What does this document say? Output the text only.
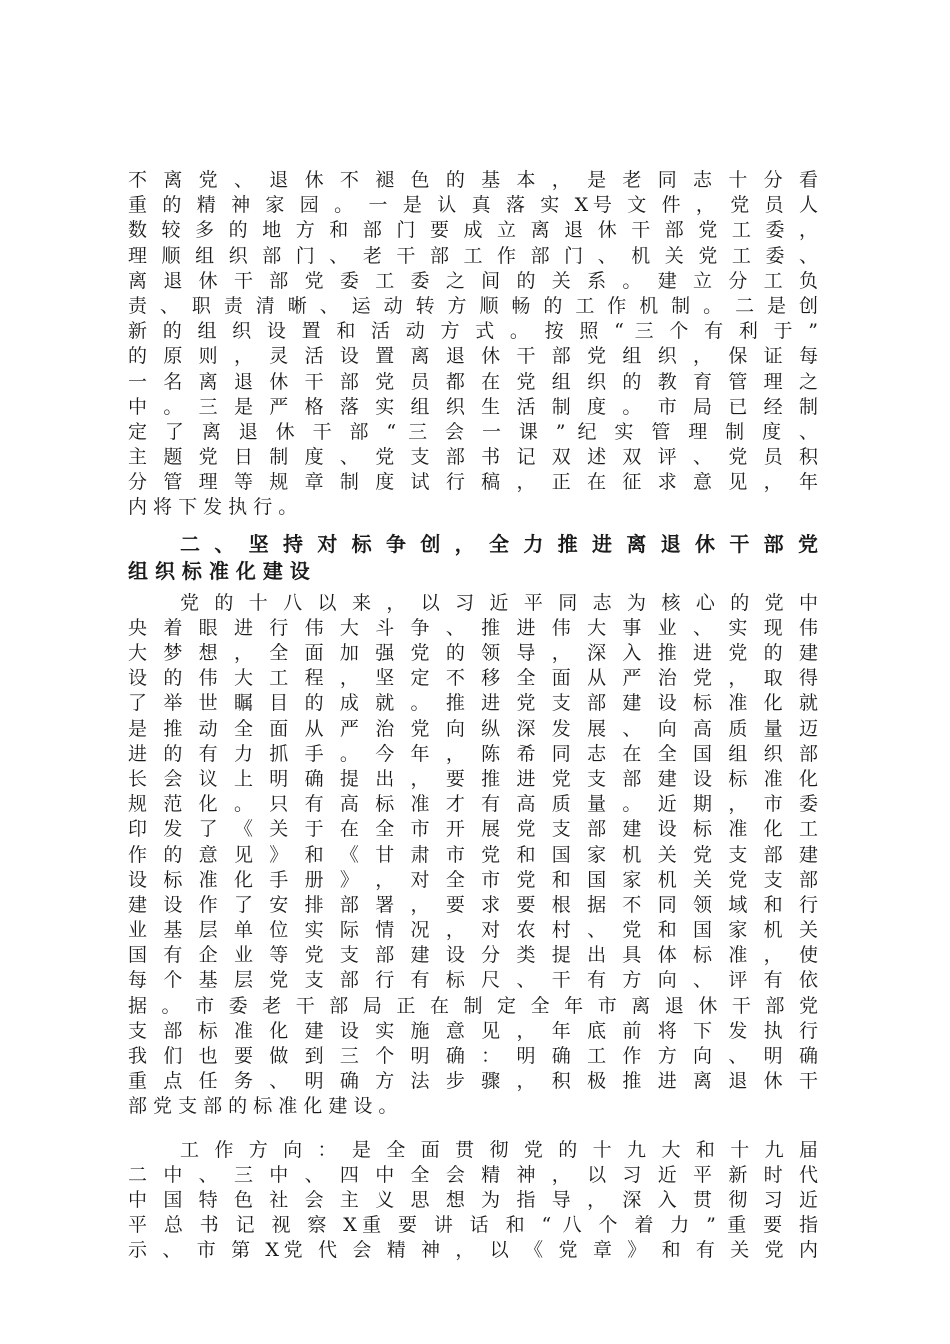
不 离 党 、 退 休 不 褪 色 的 基 本 ， 是 老 同 志 十 分 看
重 的 精 神 家 园 。 一 是 认 真 落 实 X号 文 件 ， 党 员 人
数 较 多 的 地 方 和 部 门 要 成 立 离 退 休 干 部 党 工 委 ，
理 顺 组 织 部 门 、 老 干 部 工 作 部 门 、 机 关 党 工 委 、
离 退 休 干 部 党 委 工 委 之 间 的 关 系 。 建 立 分 工 负
责 、 职 责 清 晰 、 运 动 转 方 顺 畅 的 工 作 机 制 。 二 是 创
新 的 组 织 设 置 和 活 动 方 式 。 按 照 “ 三 个 有 利 于 ”
的 原 则 ， 灵 活 设 置 离 退 休 干 部 党 组 织 ， 保 证 每
一 名 离 退 休 干 部 党 员 都 在 党 组 织 的 教 育 管 理 之
中 。 三 是 严 格 落 实 组 织 生 活 制 度 。 市 局 已 经 制
定 了 离 退 休 干 部 “ 三 会 一 课 ” 纪 实 管 理 制 度 、
主 题 党 日 制 度 、 党 支 部 书 记 双 述 双 评 、 党 员 积
分 管 理 等 规 章 制 度 试 行 稿 ， 正 在 征 求 意 见 ， 年
内 将 下 发 执 行 。
二 、 坚 持 对 标 争 创 ， 全 力 推 进 离 退 休 干 部 党
组 织 标 准 化 建 设
党 的 十 八 以 来 ， 以 习 近 平 同 志 为 核 心 的 党 中
央 着 眼 进 行 伟 大 斗 争 、 推 进 伟 大 事 业 、 实 现 伟
大 梦 想 ， 全 面 加 强 党 的 领 导 ， 深 入 推 进 党 的 建
设 的 伟 大 工 程 ， 坚 定 不 移 全 面 从 严 治 党 ， 取 得
了 举 世 瞩 目 的 成 就 。 推 进 党 支 部 建 设 标 准 化 就
是 推 动 全 面 从 严 治 党 向 纵 深 发 展 、 向 高 质 量 迈
进 的 有 力 抓 手 。 今 年 ， 陈 希 同 志 在 全 国 组 织 部
长 会 议 上 明 确 提 出 ， 要 推 进 党 支 部 建 设 标 准 化
规 范 化 。 只 有 高 标 准 才 有 高 质 量 。 近 期 ， 市 委
印 发 了 《 关 于 在 全 市 开 展 党 支 部 建 设 标 准 化 工
作 的 意 见 》 和 《 甘 肃 市 党 和 国 家 机 关 党 支 部 建
设 标 准 化 手 册 》 ， 对 全 市 党 和 国 家 机 关 党 支 部
建 设 作 了 安 排 部 署 ， 要 求 要 根 据 不 同 领 域 和 行
业 基 层 单 位 实 际 情 况 ， 对 农 村 、 党 和 国 家 机 关
国 有 企 业 等 党 支 部 建 设 分 类 提 出 具 体 标 准 ， 使
每 个 基 层 党 支 部 行 有 标 尺 、 干 有 方 向 、 评 有 依
据 。 市 委 老 干 部 局 正 在 制 定 全 年 市 离 退 休 干 部 党
支 部 标 准 化 建 设 实 施 意 见 ， 年 底 前 将 下 发 执 行
我 们 也 要 做 到 三 个 明 确 ： 明 确 工 作 方 向 、 明 确
重 点 任 务 、 明 确 方 法 步 骤 ， 积 极 推 进 离 退 休 干
部 党 支 部 的 标 准 化 建 设 。
工 作 方 向 ： 是 全 面 贯 彻 党 的 十 九 大 和 十 九 届
二 中 、 三 中 、 四 中 全 会 精 神 ， 以 习 近 平 新 时 代
中 国 特 色 社 会 主 义 思 想 为 指 导 ， 深 入 贯 彻 习 近
平 总 书 记 视 察 X重 要 讲 话 和 “ 八 个 着 力 ” 重 要 指
示 、 市 第 X党 代 会 精 神 ， 以 《 党 章 》 和 有 关 党 内
